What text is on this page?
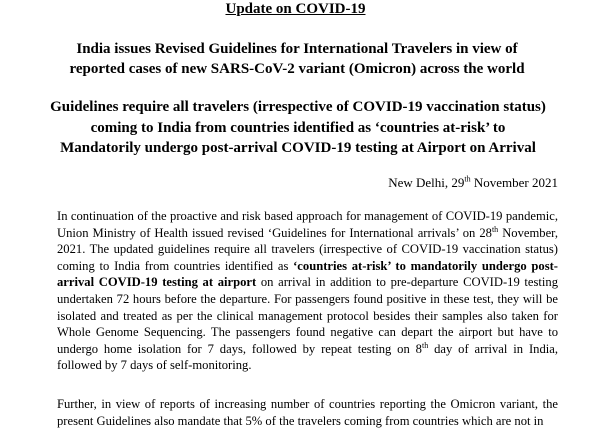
Update on COVID-19
India issues Revised Guidelines for International Travelers in view of reported cases of new SARS-CoV-2 variant (Omicron) across the world
Guidelines require all travelers (irrespective of COVID-19 vaccination status) coming to India from countries identified as ‘countries at-risk’ to Mandatorily undergo post-arrival COVID-19 testing at Airport on Arrival
New Delhi, 29th November 2021
In continuation of the proactive and risk based approach for management of COVID-19 pandemic, Union Ministry of Health issued revised ‘Guidelines for International arrivals’ on 28th November, 2021. The updated guidelines require all travelers (irrespective of COVID-19 vaccination status) coming to India from countries identified as ‘countries at-risk’ to mandatorily undergo post-arrival COVID-19 testing at airport on arrival in addition to pre-departure COVID-19 testing undertaken 72 hours before the departure. For passengers found positive in these test, they will be isolated and treated as per the clinical management protocol besides their samples also taken for Whole Genome Sequencing. The passengers found negative can depart the airport but have to undergo home isolation for 7 days, followed by repeat testing on 8th day of arrival in India, followed by 7 days of self-monitoring.
Further, in view of reports of increasing number of countries reporting the Omicron variant, the present Guidelines also mandate that 5% of the travelers coming from countries which are not in
